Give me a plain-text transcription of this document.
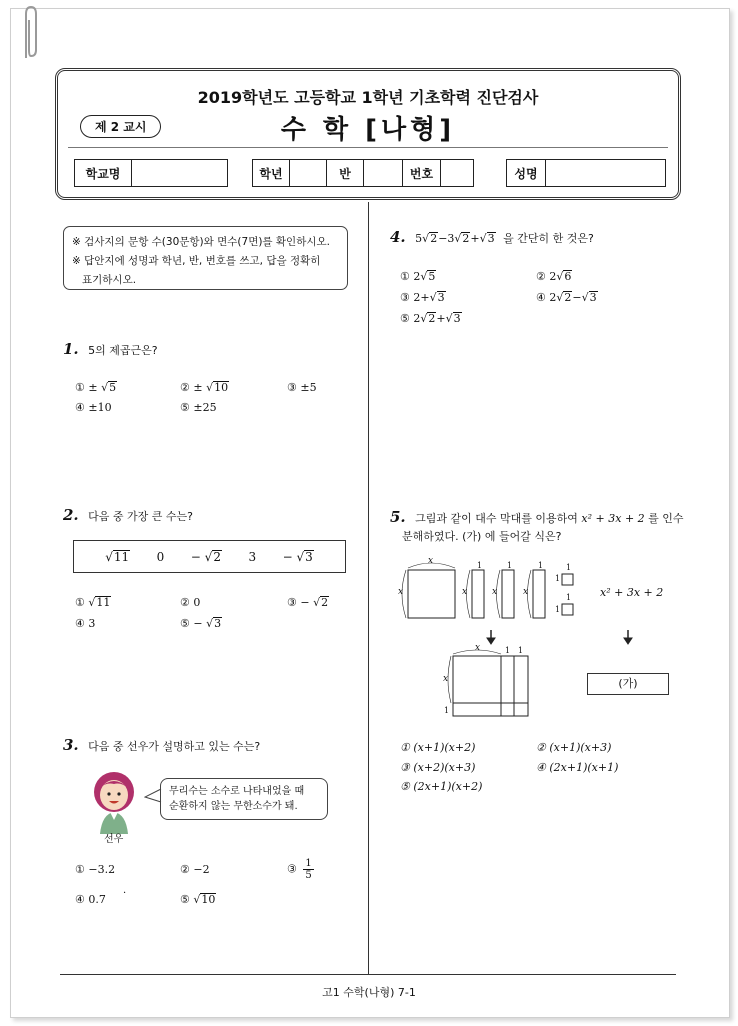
2019학년도 고등학교 1학년 기초학력 진단검사
제 2 교시	수 학 [나형]
학교명	학년	반	번호	성명
※ 검사지의 문항 수(30문항)와 면수(7면)를 확인하시오.
※ 답안지에 성명과 학년, 반, 번호를 쓰고, 답을 정확히
표기하시오.
1. 5의 제곱근은?
① ± √5	② ± √10	③ ±5
④ ±10	⑤ ±25
2. 다음 중 가장 큰 수는?
√11 0 − √2 3 − √3
① √11	② 0	③ − √2
④ 3	⑤ − √3
3. 다음 중 선우가 설명하고 있는 수는?
선우
무리수는 소수로 나타내었을 때
순환하지 않는 무한소수가 돼.
① −3.2	② −2	③ $\frac{1}{5}$
④ 0.7 ·	⑤ √10
4. 5√2−3√2+√3 을 간단히 한 것은?
① 2√5	② 2√6
③ 2+√3	④ 2√2−√3
⑤ 2√2+√3
5. 그림과 같이 대수 막대를 이용하여 x² + 3x + 2 를 인수
분해하였다. (가) 에 들어갈 식은?
x
x
1
x
1
x
1
x
1
1
1
1
x² + 3x + 2
x	1 1
x
1
(가)
① (x+1)(x+2)	② (x+1)(x+3)
③ (x+2)(x+3)	④ (2x+1)(x+1)
⑤ (2x+1)(x+2)
고1 수학(나형) 7-1
